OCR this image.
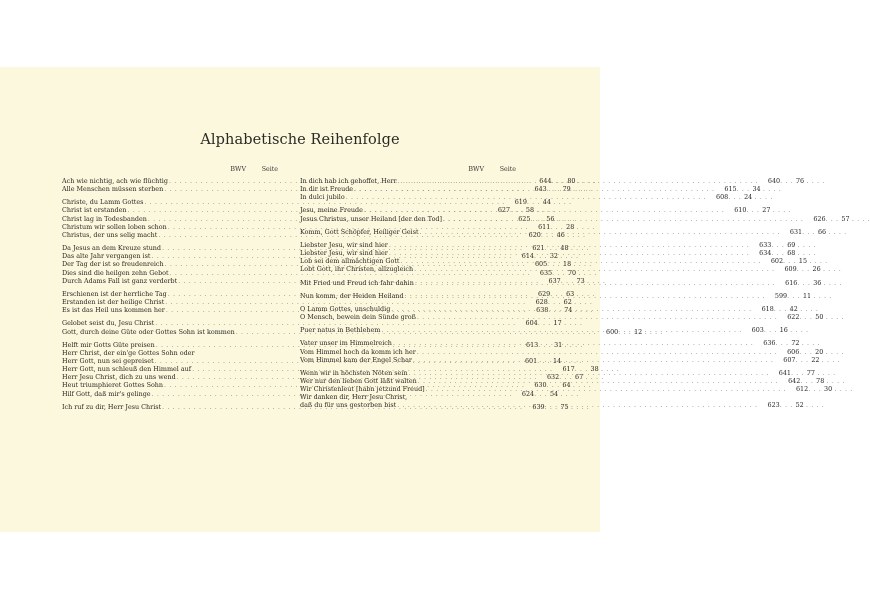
Alphabetische Reihenfolge
BWV Seite
Ach wie nichtig, ach wie flüchtig . . .	644 . . . 80
Alle Menschen müssen sterben . . .	643 . . . 79
Christe, du Lamm Gottes . . .	619 . . . 44
Christ ist erstanden . . .	627 . . . 58
Christ lag in Todesbanden . . .	625 . . . 56
Christum wir sollen loben schon . . .	611 . . . 28
Christus, der uns selig macht . . .	620 . . . 46
Da Jesus an dem Kreuze stund . . .	621 . . . 48
Das alte Jahr vergangen ist . . .	614 . . . 32
Der Tag der ist so freudenreich . . .	605 . . . 18
Dies sind die heilgen zehn Gebot . . .	635 . . . 70
Durch Adams Fall ist ganz verderbt . . .	637 . . . 73
Erschienen ist der herrliche Tag . . .	629 . . . 63
Erstanden ist der heilige Christ . . .	628 . . . 62
Es ist das Heil uns kommen her . . .	638 . . . 74
Gelobet seist du, Jesu Christ . . .	604 . . . 17
Gott, durch deine Güte oder Gottes Sohn ist kommen . . .	600 . . . 12
Helft mir Gotts Güte preisen . . .	613 . . . 31
Herr Christ, der ein'ge Gottes Sohn oder
Herr Gott, nun sei gepreiset . . .	601 . . . 14
Herr Gott, nun schleuß den Himmel auf . . .	617 . . . 38
Herr Jesu Christ, dich zu uns wend . . .	632 . . . 67
Heut triumphieret Gottes Sohn . . .	630 . . . 64
Hilf Gott, daß mir's gelinge . . .	624 . . . 54
Ich ruf zu dir, Herr Jesu Christ . . .	639 . . . 75
BWV Seite
In dich hab ich gehoffet, Herr . . .	640 . . . 76
In dir ist Freude . . .	615 . . . 34
In dulci jubilo . . .	608 . . . 24
Jesu, meine Freude . . .	610 . . . 27
Jesus Christus, unser Heiland [der den Tod] . . .	626 . . . 57
Komm, Gott Schöpfer, Heiliger Geist . . .	631 . . . 66
Liebster Jesu, wir sind hier . . .	633 . . . 69
Liebster Jesu, wir sind hier . . .	634 . . . 68
Lob sei dem allmächtigen Gott . . .	602 . . . 15
Lobt Gott, ihr Christen, allzugleich . . .	609 . . . 26
Mit Fried und Freud ich fahr dahin . . .	616 . . . 36
Nun komm, der Heiden Heiland . . .	599 . . . 11
O Lamm Gottes, unschuldig . . .	618 . . . 42
O Mensch, bewein dein Sünde groß . . .	622 . . . 50
Puer natus in Bethlehem . . .	603 . . . 16
Vater unser im Himmelreich . . .	636 . . . 72
Vom Himmel hoch da komm ich her . . .	606 . . . 20
Vom Himmel kam der Engel Schar . . .	607 . . . 22
Wenn wir in höchsten Nöten sein . . .	641 . . . 77
Wer nur den lieben Gott läßt walten . . .	642 . . . 78
Wir Christenleut [habn jetzund Freud] . . .	612 . . . 30
Wir danken dir, Herr Jesu Christ,
daß du für uns gestorben bist . . .	623 . . . 52
